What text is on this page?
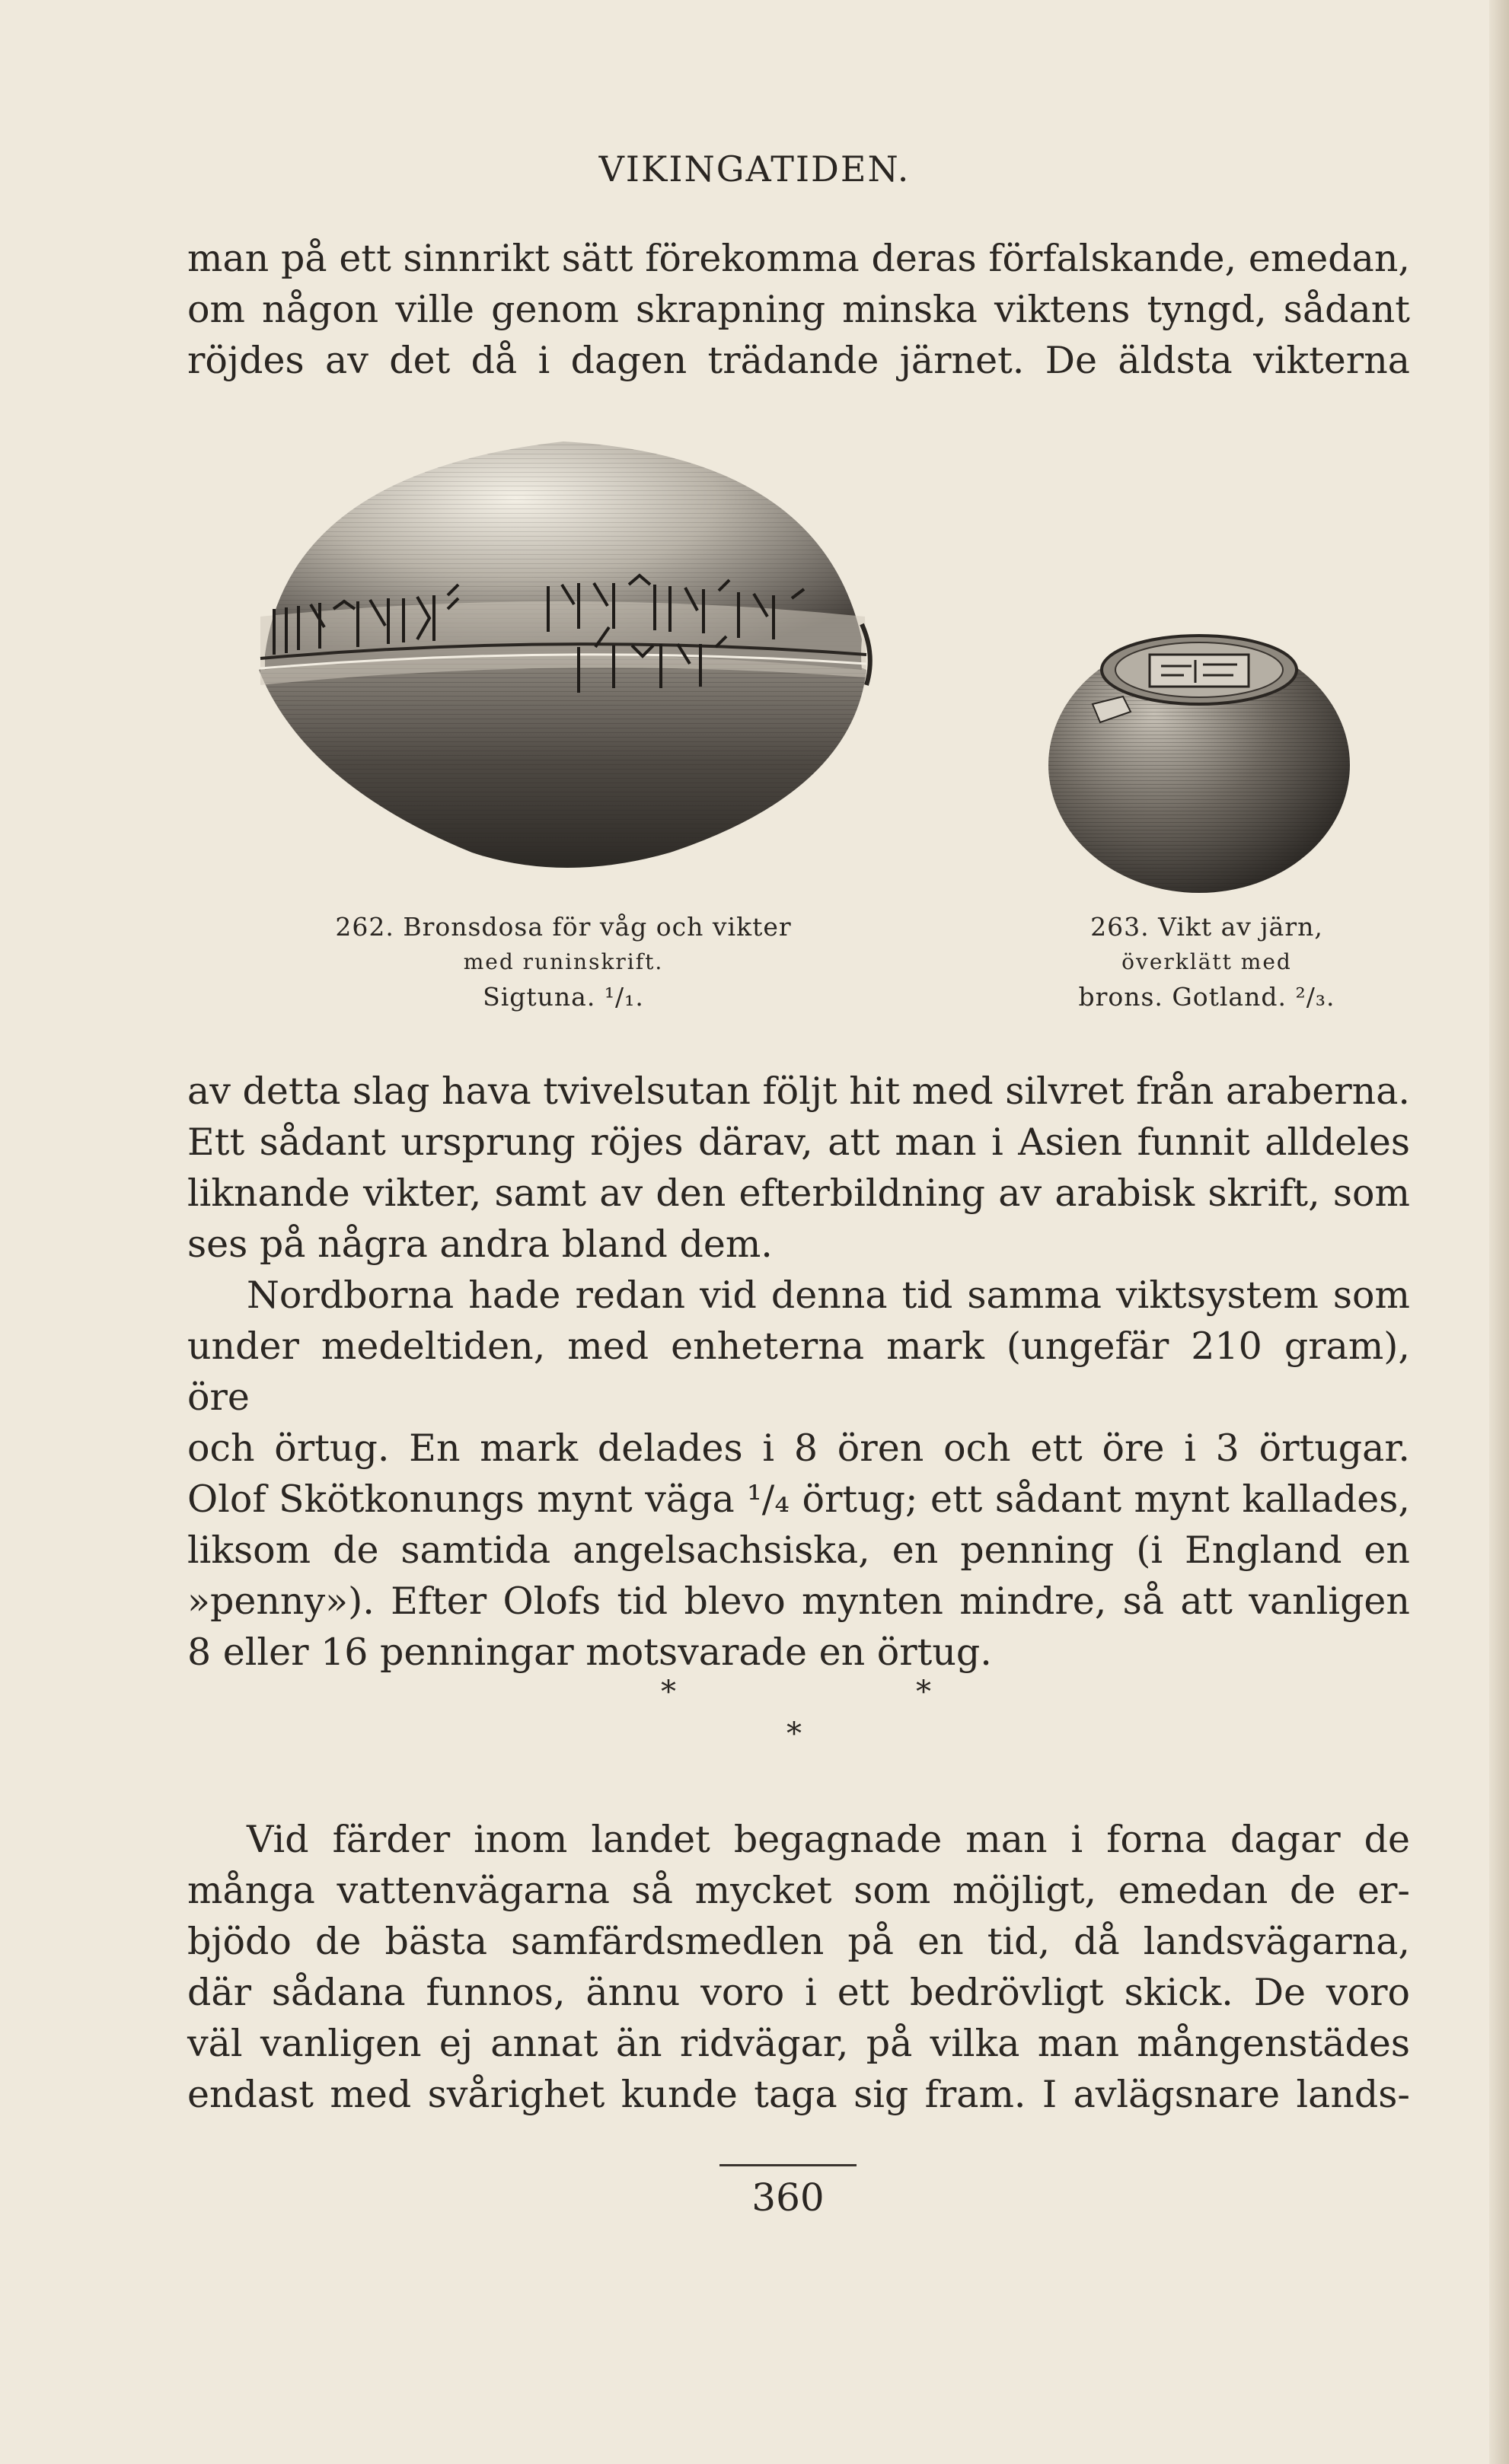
VIKINGATIDEN.
man på ett sinnrikt sätt förekomma deras förfalskande, emedan,
om någon ville genom skrapning minska viktens tyngd, sådant
röjdes av det då i dagen trädande järnet. De äldsta vikterna
262. Bronsdosa för våg och vikter
med runinskrift.
Sigtuna. ¹/₁.
263. Vikt av järn,
överklätt med
brons. Gotland. ²/₃.
av detta slag hava tvivelsutan följt hit med silvret från araberna.
Ett sådant ursprung röjes därav, att man i Asien funnit alldeles
liknande vikter, samt av den efterbildning av arabisk skrift, som
ses på några andra bland dem.
Nordborna hade redan vid denna tid samma viktsystem som
under medeltiden, med enheterna mark (ungefär 210 gram), öre
och örtug. En mark delades i 8 ören och ett öre i 3 örtugar.
Olof Skötkonungs mynt väga ¹/₄ örtug; ett sådant mynt kallades,
liksom de samtida angelsachsiska, en penning (i England en
»penny»). Efter Olofs tid blevo mynten mindre, så att vanligen
8 eller 16 penningar motsvarade en örtug.
*	*
*
Vid färder inom landet begagnade man i forna dagar de
många vattenvägarna så mycket som möjligt, emedan de er-
bjödo de bästa samfärdsmedlen på en tid, då landsvägarna,
där sådana funnos, ännu voro i ett bedrövligt skick. De voro
väl vanligen ej annat än ridvägar, på vilka man mångenstädes
endast med svårighet kunde taga sig fram. I avlägsnare lands-
360
